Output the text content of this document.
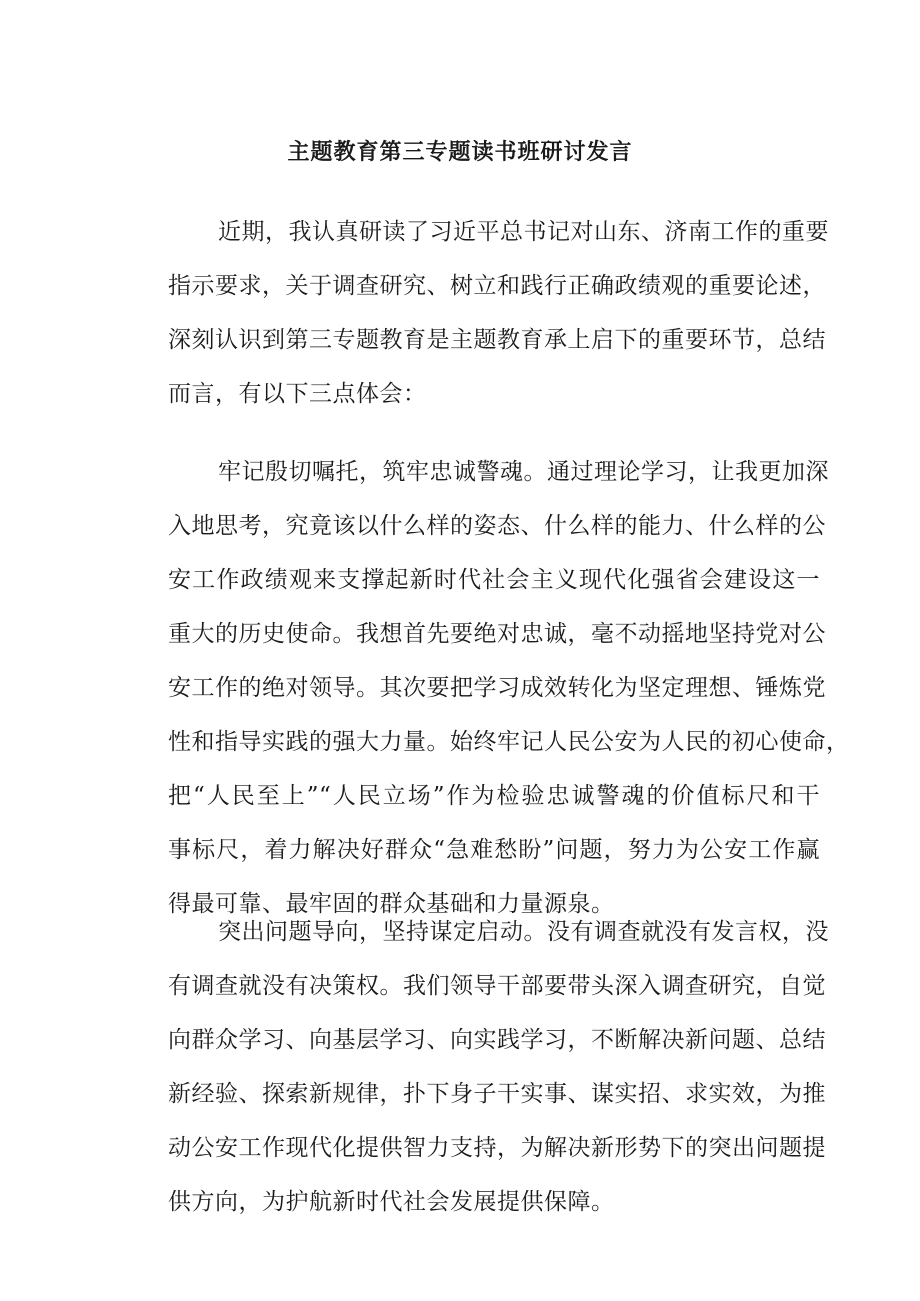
主题教育第三专题读书班研讨发言
近期，我认真研读了习近平总书记对山东、济南工作的重要
指示要求，关于调查研究、树立和践行正确政绩观的重要论述，
深刻认识到第三专题教育是主题教育承上启下的重要环节，总结
而言，有以下三点体会：
牢记殷切嘱托，筑牢忠诚警魂。通过理论学习，让我更加深
入地思考，究竟该以什么样的姿态、什么样的能力、什么样的公
安工作政绩观来支撑起新时代社会主义现代化强省会建设这一
重大的历史使命。我想首先要绝对忠诚，毫不动摇地坚持党对公
安工作的绝对领导。其次要把学习成效转化为坚定理想、锤炼党
性和指导实践的强大力量。始终牢记人民公安为人民的初心使命，
把“人民至上”“人民立场”作为检验忠诚警魂的价值标尺和干
事标尺，着力解决好群众“急难愁盼”问题，努力为公安工作赢
得最可靠、最牢固的群众基础和力量源泉。
突出问题导向，坚持谋定启动。没有调查就没有发言权，没
有调查就没有决策权。我们领导干部要带头深入调查研究，自觉
向群众学习、向基层学习、向实践学习，不断解决新问题、总结
新经验、探索新规律，扑下身子干实事、谋实招、求实效，为推
动公安工作现代化提供智力支持，为解决新形势下的突出问题提
供方向，为护航新时代社会发展提供保障。
